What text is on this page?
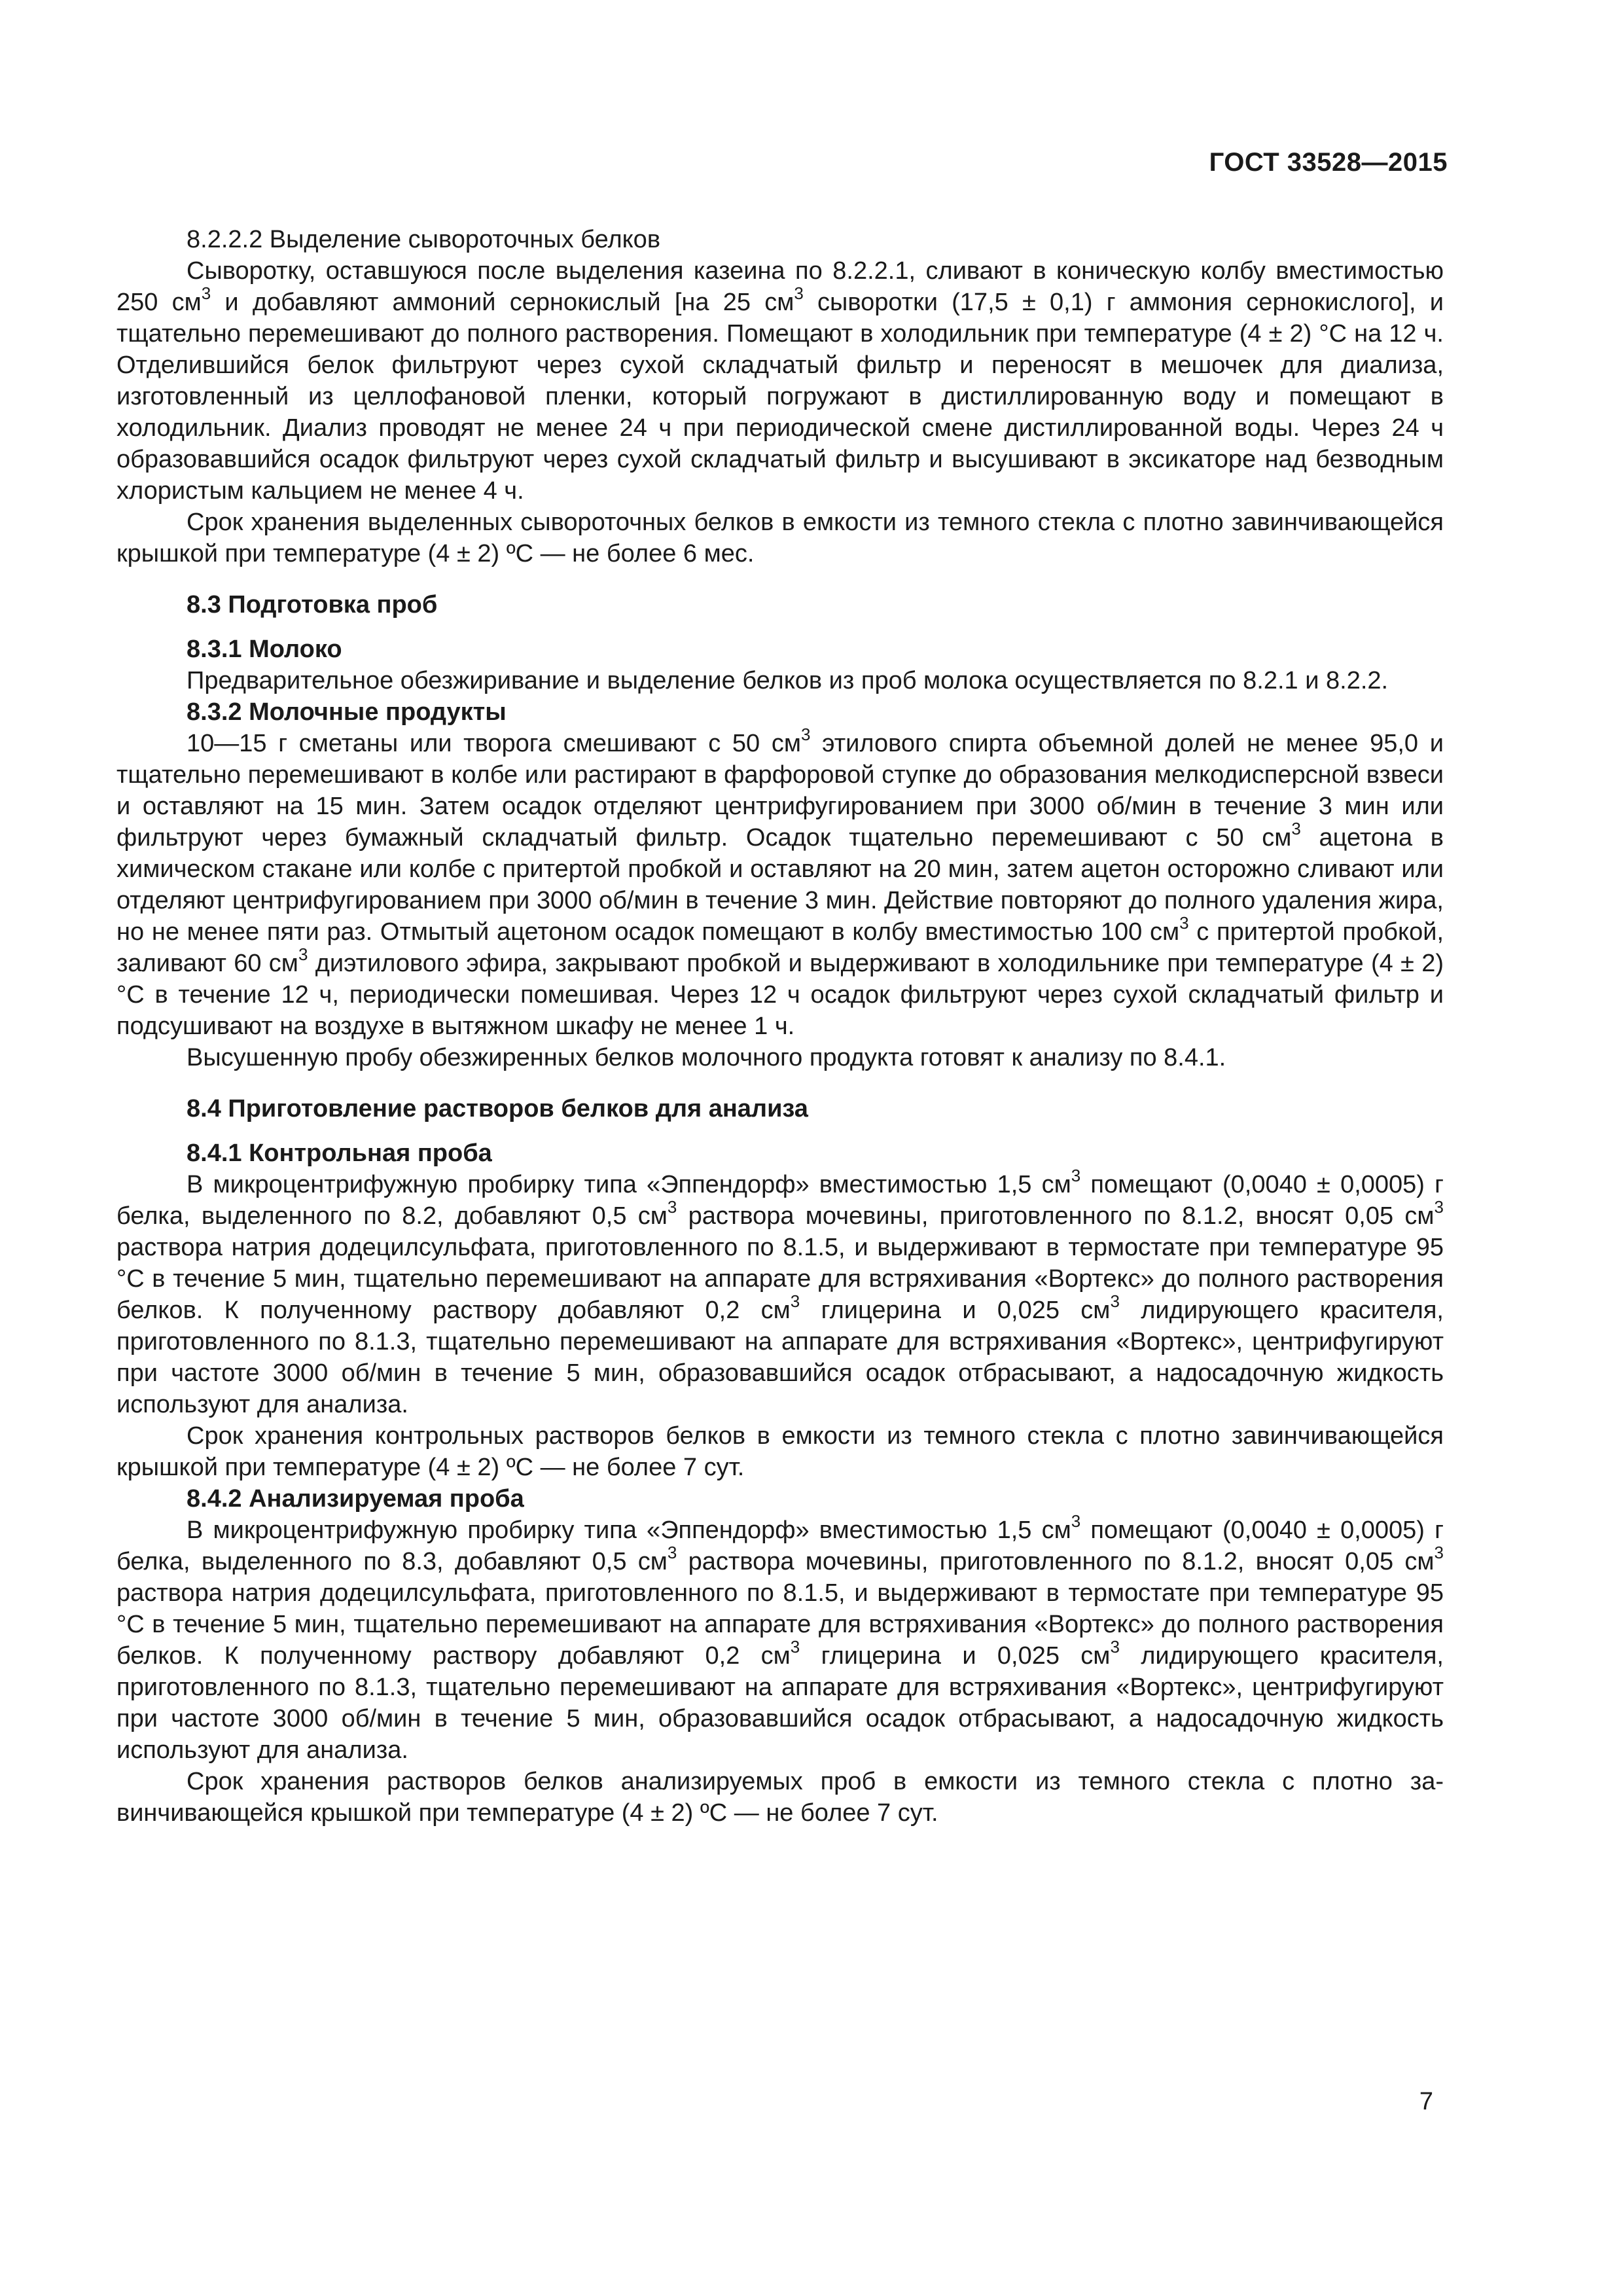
ГОСТ 33528—2015

8.2.2.2 Выделение сывороточных белков

Сыворотку, оставшуюся после выделения казеина по 8.2.2.1, сливают в коническую колбу вместимостью 250 $см^3$ и добавляют аммоний сернокислый [на 25 $см^3$ сыворотки (17,5 ± 0,1) г аммония сернокислого], и тщательно перемешивают до полного растворения. Помещают в холодильник при температуре (4 ± 2) °С на 12 ч. Отделившийся белок фильтруют через сухой складчатый фильтр и переносят в мешочек для диализа, изготовленный из целлофановой пленки, который погружают в дистиллированную воду и помещают в холодильник. Диализ проводят не менее 24 ч при периодической смене дистиллированной воды. Через 24 ч образовавшийся осадок фильтруют через сухой складчатый фильтр и высушивают в эксикаторе над безводным хлористым кальцием не менее 4 ч.

Срок хранения выделенных сывороточных белков в емкости из темного стекла с плотно завинчивающейся крышкой при температуре (4 ± 2) ºС — не более 6 мес.

8.3 Подготовка проб

8.3.1 Молоко

Предварительное обезжиривание и выделение белков из проб молока осуществляется по 8.2.1 и 8.2.2.

8.3.2 Молочные продукты

10—15 г сметаны или творога смешивают с 50 $см^3$ этилового спирта объемной долей не менее 95,0 и тщательно перемешивают в колбе или растирают в фарфоровой ступке до образования мелкодисперсной взвеси и оставляют на 15 мин. Затем осадок отделяют центрифугированием при 3000 об/мин в течение 3 мин или фильтруют через бумажный складчатый фильтр. Осадок тщательно перемешивают с 50 $см^3$ ацетона в химическом стакане или колбе с притертой пробкой и оставляют на 20 мин, затем ацетон осторожно сливают или отделяют центрифугированием при 3000 об/мин в течение 3 мин. Действие повторяют до полного удаления жира, но не менее пяти раз. Отмытый ацетоном осадок помещают в колбу вместимостью 100 $см^3$ с притертой пробкой, заливают 60 $см^3$ диэтилового эфира, закрывают пробкой и выдерживают в холодильнике при температуре (4 ± 2) °С в течение 12 ч, периодически помешивая. Через 12 ч осадок фильтруют через сухой складчатый фильтр и подсушивают на воздухе в вытяжном шкафу не менее 1 ч.

Высушенную пробу обезжиренных белков молочного продукта готовят к анализу по 8.4.1.

8.4 Приготовление растворов белков для анализа

8.4.1 Контрольная проба

В микроцентрифужную пробирку типа «Эппендорф» вместимостью 1,5 $см^3$ помещают (0,0040 ± 0,0005) г белка, выделенного по 8.2, добавляют 0,5 $см^3$ раствора мочевины, приготовленного по 8.1.2, вносят 0,05 $см^3$ раствора натрия додецилсульфата, приготовленного по 8.1.5, и выдерживают в термостате при температуре 95 °С в течение 5 мин, тщательно перемешивают на аппарате для встряхивания «Вортекс» до полного растворения белков. К полученному раствору добавляют 0,2 $см^3$ глицерина и 0,025 $см^3$ лидирующего красителя, приготовленного по 8.1.3, тщательно перемешивают на аппарате для встряхивания «Вортекс», центрифугируют при частоте 3000 об/мин в течение 5 мин, образовавшийся осадок отбрасывают, а надосадочную жидкость используют для анализа.

Срок хранения контрольных растворов белков в емкости из темного стекла с плотно завинчивающейся крышкой при температуре (4 ± 2) ºС — не более 7 сут.

8.4.2 Анализируемая проба

В микроцентрифужную пробирку типа «Эппендорф» вместимостью 1,5 $см^3$ помещают (0,0040 ± 0,0005) г белка, выделенного по 8.3, добавляют 0,5 $см^3$ раствора мочевины, приготовленного по 8.1.2, вносят 0,05 $см^3$ раствора натрия додецилсульфата, приготовленного по 8.1.5, и выдерживают в термостате при температуре 95 °С в течение 5 мин, тщательно перемешивают на аппарате для встряхивания «Вортекс» до полного растворения белков. К полученному раствору добавляют 0,2 $см^3$ глицерина и 0,025 $см^3$ лидирующего красителя, приготовленного по 8.1.3, тщательно перемешивают на аппарате для встряхивания «Вортекс», центрифугируют при частоте 3000 об/мин в течение 5 мин, образовавшийся осадок отбрасывают, а надосадочную жидкость используют для анализа.

Срок хранения растворов белков анализируемых проб в емкости из темного стекла с плотно завинчивающейся крышкой при температуре (4 ± 2) ºС — не более 7 сут.

7
